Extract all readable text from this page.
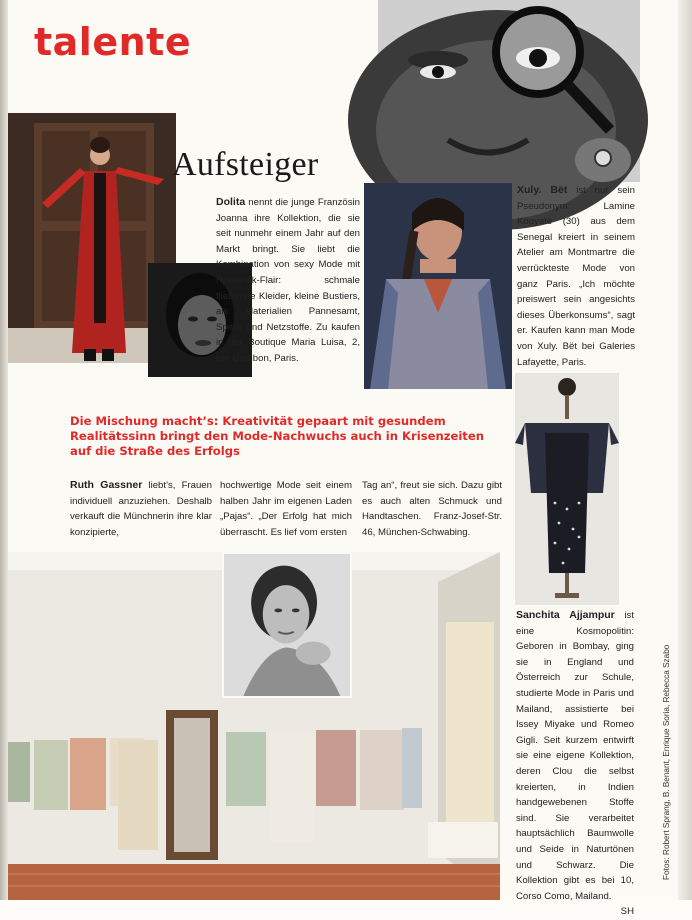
talente
Aufsteiger
Dolita nennt die junge Französin Joanna ihre Kollektion, die sie seit nunmehr einem Jahr auf den Markt bringt. Sie liebt die Kombination von sexy Mode mit Romantik-Flair: schmale fließende Kleider, kleine Bustiers, als Materialien Pannesamt, Spitze und Netzstoffe. Zu kaufen in der Boutique Maria Luisa, 2, rue Cambon, Paris.
Xuly. Bët ist nur sein Pseudonym: Lamine Kouyaté (30) aus dem Senegal kreiert in seinem Atelier am Montmartre die verrückteste Mode von ganz Paris. „Ich möchte preiswert sein angesichts dieses Überkonsums“, sagt er. Kaufen kann man Mode von Xuly. Bët bei Galeries Lafayette, Paris.
Die Mischung macht’s: Kreativität gepaart mit gesundem Realitätssinn bringt den Mode-Nachwuchs auch in Krisenzeiten auf die Straße des Erfolgs
Ruth Gassner liebt’s, Frauen individuell anzuziehen. Deshalb verkauft die Münchnerin ihre klar konzipierte,
hochwertige Mode seit einem halben Jahr im eigenen Laden „Pajas“. „Der Erfolg hat mich überrascht. Es lief vom ersten
Tag an“, freut sie sich. Dazu gibt es auch alten Schmuck und Handtaschen. Franz-Josef-Str. 46, München-Schwabing.
Sanchita Ajjampur ist eine Kosmopolitin: Geboren in Bombay, ging sie in England und Österreich zur Schule, studierte Mode in Paris und Mailand, assistierte bei Issey Miyake und Romeo Gigli. Seit kurzem entwirft sie eine eigene Kollektion, deren Clou die selbst kreierten, in Indien handgewebenen Stoffe sind. Sie verarbeitet hauptsächlich Baumwolle und Seide in Naturtönen und Schwarz. Die Kollektion gibt es bei 10, Corso Como, Mailand.
SH
Fotos: Robert Sprang, B. Benant, Enrique Soria, Rebecca Szabo
